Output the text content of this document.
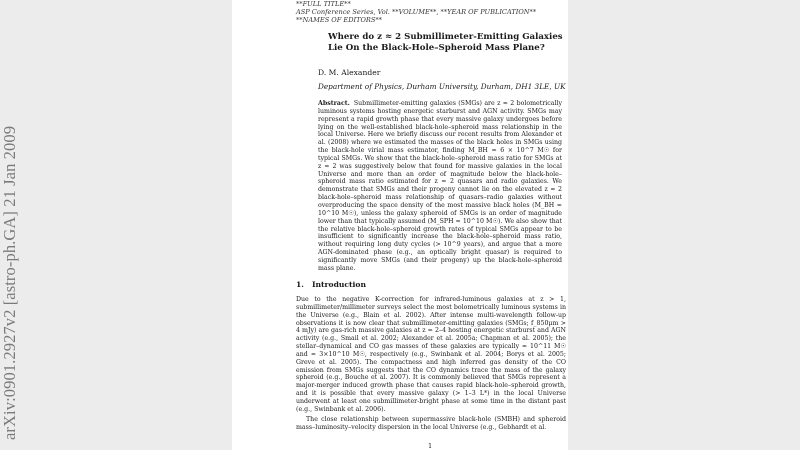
**FULL TITLE**
ASP Conference Series, Vol. **VOLUME**, **YEAR OF PUBLICATION**
**NAMES OF EDITORS**
Where do z ≈ 2 Submillimeter-Emitting Galaxies Lie On the Black-Hole–Spheroid Mass Plane?
D. M. Alexander
Department of Physics, Durham University, Durham, DH1 3LE, UK
Abstract. Submillimeter-emitting galaxies (SMGs) are z ≈ 2 bolometrically luminous systems hosting energetic starburst and AGN activity. SMGs may represent a rapid growth phase that every massive galaxy undergoes before lying on the well-established black-hole–spheroid mass relationship in the local Universe. Here we briefly discuss our recent results from Alexander et al. (2008) where we estimated the masses of the black holes in SMGs using the black-hole virial mass estimator, finding M_BH ≈ 6 × 10^7 M☉ for typical SMGs. We show that the black-hole–spheroid mass ratio for SMGs at z ≈ 2 was suggestively below that found for massive galaxies in the local Universe and more than an order of magnitude below the black-hole–spheroid mass ratio estimated for z ≈ 2 quasars and radio galaxies. We demonstrate that SMGs and their progeny cannot lie on the elevated z ≈ 2 black-hole–spheroid mass relationship of quasars–radio galaxies without overproducing the space density of the most massive black holes (M_BH ≈ 10^10 M☉), unless the galaxy spheroid of SMGs is an order of magnitude lower than that typically assumed (M_SPH ≈ 10^10 M☉). We also show that the relative black-hole–spheroid growth rates of typical SMGs appear to be insufficient to significantly increase the black-hole–spheroid mass ratio, without requiring long duty cycles (> 10^9 years), and argue that a more AGN-dominated phase (e.g., an optically bright quasar) is required to significantly move SMGs (and their progeny) up the black-hole–spheroid mass plane.
1. Introduction

Due to the negative K-correction for infrared-luminous galaxies at z > 1, submillimeter/millimeter surveys select the most bolometrically luminous systems in the Universe (e.g., Blain et al. 2002). After intense multi-wavelength follow-up observations it is now clear that submillimeter-emitting galaxies (SMGs; f_850μm > 4 mJy) are gas-rich massive galaxies at z ≈ 2–4 hosting energetic starburst and AGN activity (e.g., Smail et al. 2002; Alexander et al. 2005a; Chapman et al. 2005); the stellar–dynamical and CO gas masses of these galaxies are typically ≈ 10^11 M☉ and ≈ 3×10^10 M☉, respectively (e.g., Swinbank et al. 2004; Borys et al. 2005; Greve et al. 2005). The compactness and high inferred gas density of the CO emission from SMGs suggests that the CO dynamics trace the mass of the galaxy spheroid (e.g., Bouche et al. 2007). It is commonly believed that SMGs represent a major-merger induced growth phase that causes rapid black-hole–spheroid growth, and it is possible that every massive galaxy (> 1–3 L*) in the local Universe underwent at least one submillimeter-bright phase at some time in the distant past (e.g., Swinbank et al. 2006).

The close relationship between supermassive black-hole (SMBH) and spheroid mass–luminosity–velocity dispersion in the local Universe (e.g., Gebhardt et al.

1
arXiv:0901.2927v2 [astro-ph.GA] 21 Jan 2009
